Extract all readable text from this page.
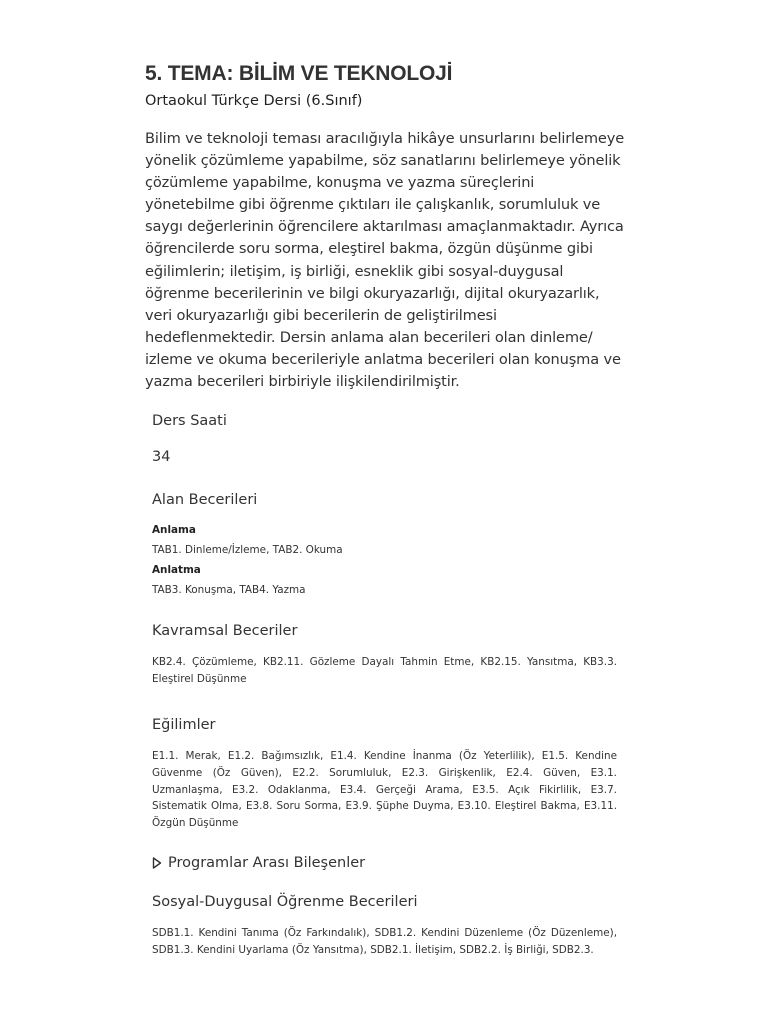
5. TEMA: BİLİM VE TEKNOLOJİ

Ortaokul Türkçe Dersi (6.Sınıf)

Bilim ve teknoloji teması aracılığıyla hikâye unsurlarını belirlemeye yönelik çözümleme yapabilme, söz sanatlarını belirlemeye yönelik çözümleme yapabilme, konuşma ve yazma süreçlerini yönetebilme gibi öğrenme çıktıları ile çalışkanlık, sorumluluk ve saygı değerlerinin öğrencilere aktarılması amaçlanmaktadır. Ayrıca öğrencilerde soru sorma, eleştirel bakma, özgün düşünme gibi eğilimlerin; iletişim, iş birliği, esneklik gibi sosyal-duygusal öğrenme becerilerinin ve bilgi okuryazarlığı, dijital okuryazarlık, veri okuryazarlığı gibi becerilerin de geliştirilmesi hedeflenmektedir. Dersin anlama alan becerileri olan dinleme/ izleme ve okuma becerileriyle anlatma becerileri olan konuşma ve yazma becerileri birbiriyle ilişkilendirilmiştir.

Ders Saati

34

Alan Becerileri

Anlama

TAB1. Dinleme/İzleme, TAB2. Okuma

Anlatma

TAB3. Konuşma, TAB4. Yazma

Kavramsal Beceriler

KB2.4. Çözümleme, KB2.11. Gözleme Dayalı Tahmin Etme, KB2.15. Yansıtma, KB3.3. Eleştirel Düşünme

Eğilimler

E1.1. Merak, E1.2. Bağımsızlık, E1.4. Kendine İnanma (Öz Yeterlilik), E1.5. Kendine Güvenme (Öz Güven), E2.2. Sorumluluk, E2.3. Girişkenlik, E2.4. Güven, E3.1. Uzmanlaşma, E3.2. Odaklanma, E3.4. Gerçeği Arama, E3.5. Açık Fikirlilik, E3.7. Sistematik Olma, E3.8. Soru Sorma, E3.9. Şüphe Duyma, E3.10. Eleştirel Bakma, E3.11. Özgün Düşünme

Programlar Arası Bileşenler

Sosyal-Duygusal Öğrenme Becerileri

SDB1.1. Kendini Tanıma (Öz Farkındalık), SDB1.2. Kendini Düzenleme (Öz Düzenleme), SDB1.3. Kendini Uyarlama (Öz Yansıtma), SDB2.1. İletişim, SDB2.2. İş Birliği, SDB2.3.
